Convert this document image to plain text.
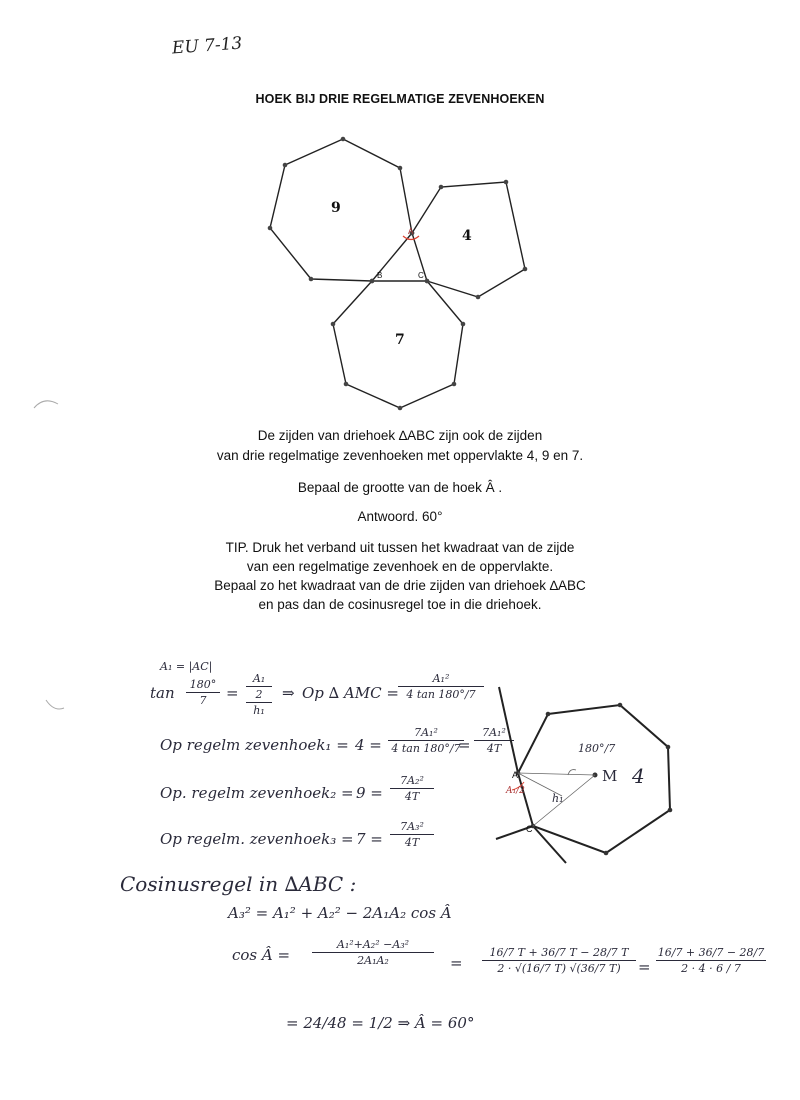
EU 7-13
HOEK BIJ DRIE REGELMATIGE ZEVENHOEKEN
9
4
7
A
B	C
De zijden van driehoek ∆ABC zijn ook de zijden
van drie regelmatige zevenhoeken met oppervlakte 4, 9 en 7.
Bepaal de grootte van de hoek Â .
Antwoord. 60°
TIP. Druk het verband uit tussen het kwadraat van de zijde
van een regelmatige zevenhoek en de oppervlakte.
Bepaal zo het kwadraat van de drie zijden van driehoek ∆ABC
en pas dan de cosinusregel toe in die driehoek.
A₁ = |AC|
tan	180°
7	=
A₁
2
h₁
⇒ Op ∆ AMC =
A₁²
4 tan 180°/7
Op regelm zevenhoek₁ = 4 =
7A₁²
4 tan 180°/7
=
7A₁²
4T
Op. regelm zevenhoek₂ = 9 =
7A₂²
4T
Op regelm. zevenhoek₃ = 7 =
7A₃²
4T
M 4
180°/7
h₁
A
C
A₁/2
Cosinusregel in ∆ABC :
A₃² = A₁² + A₂² − 2A₁A₂ cos Â
cos Â =
A₁²+A₂² −A₃²
2A₁A₂	=
16/7 T + 36/7 T − 28/7 T
2 · √(16/7 T) √(36/7 T)	=
16/7 + 36/7 − 28/7
2 · 4 · 6 / 7
= 24/48 = 1/2 ⇒ Â = 60°
